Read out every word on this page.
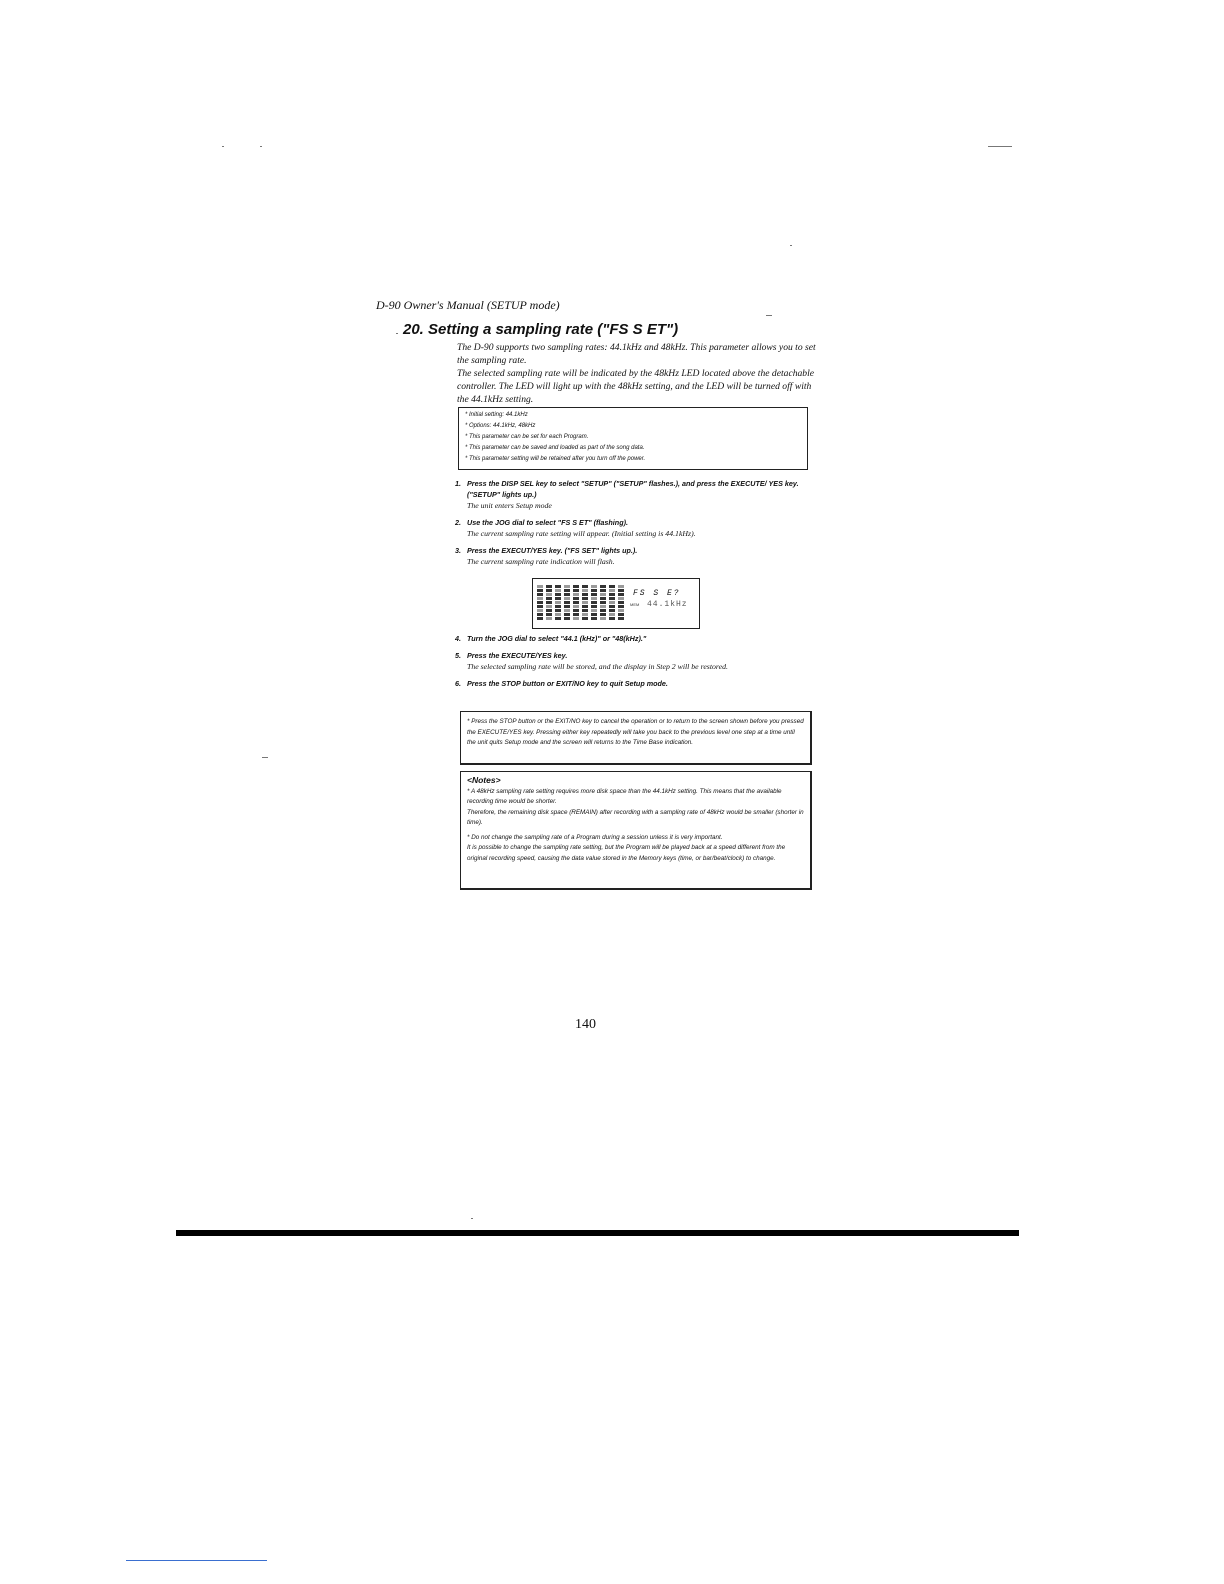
D-90 Owner's Manual (SETUP mode)
20. Setting a sampling rate ("FS S ET")

The D-90 supports two sampling rates: 44.1kHz and 48kHz. This parameter allows you to set the sampling rate.

The selected sampling rate will be indicated by the 48kHz LED located above the detachable controller. The LED will light up with the 48kHz setting, and the LED will be turned off with the 44.1kHz setting.

* Initial setting: 44.1kHz
* Options: 44.1kHz, 48kHz
* This parameter can be set for each Program.
* This parameter can be saved and loaded as part of the song data.
* This parameter setting will be retained after you turn off the power.
1. Press the DISP SEL key to select "SETUP" ("SETUP" flashes.), and press the EXECUTE/ YES key. ("SETUP" lights up.)
The unit enters Setup mode
2. Use the JOG dial to select "FS S ET" (flashing).
The current sampling rate setting will appear. (Initial setting is 44.1kHz).
3. Press the EXECUT/YES key. ("FS SET" lights up.).
The current sampling rate indication will flash.
4. Turn the JOG dial to select "44.1 (kHz)" or "48(kHz)."
5. Press the EXECUTE/YES key.
The selected sampling rate will be stored, and the display in Step 2 will be restored.
6. Press the STOP button or EXIT/NO key to quit Setup mode.
FS S E?
MEM 44.1kHz
* Press the STOP button or the EXIT/NO key to cancel the operation or to return to the screen shown before you pressed the EXECUTE/YES key. Pressing either key repeatedly will take you back to the previous level one step at a time until the unit quits Setup mode and the screen will returns to the Time Base indication.
<Notes>

* A 48kHz sampling rate setting requires more disk space than the 44.1kHz setting. This means that the available recording time would be shorter.

Therefore, the remaining disk space (REMAIN) after recording with a sampling rate of 48kHz would be smaller (shorter in time).

* Do not change the sampling rate of a Program during a session unless it is very important.

It is possible to change the sampling rate setting, but the Program will be played back at a speed different from the original recording speed, causing the data value stored in the Memory keys (time, or bar/beat/clock) to change.

140
